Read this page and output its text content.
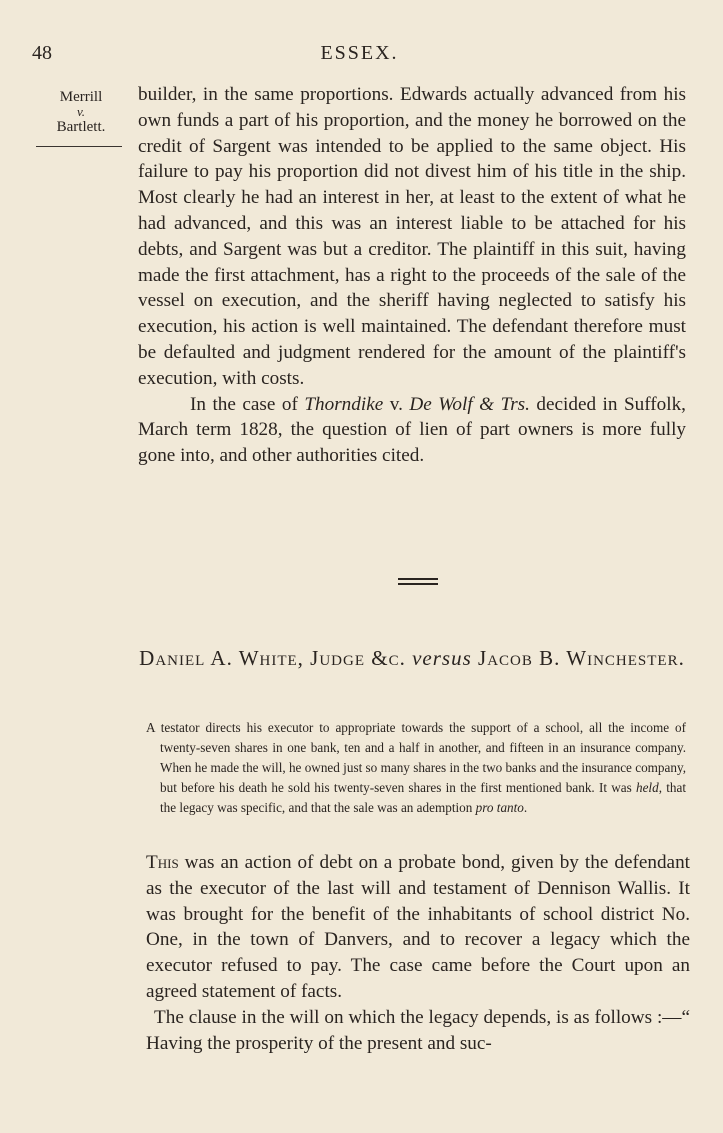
48	ESSEX.
Merrill
v.
Bartlett.

builder, in the same proportions. Edwards actually advanced from his own funds a part of his proportion, and the money he borrowed on the credit of Sargent was intended to be applied to the same object. His failure to pay his proportion did not divest him of his title in the ship. Most clearly he had an interest in her, at least to the extent of what he had advanced, and this was an interest liable to be attached for his debts, and Sargent was but a creditor. The plaintiff in this suit, having made the first attachment, has a right to the proceeds of the sale of the vessel on execution, and the sheriff having neglected to satisfy his execution, his action is well maintained. The defendant therefore must be defaulted and judgment rendered for the amount of the plaintiff's execution, with costs.

In the case of Thorndike v. De Wolf & Trs. decided in Suffolk, March term 1828, the question of lien of part owners is more fully gone into, and other authorities cited.

Daniel A. White, Judge &c. versus Jacob B. Winchester.

A testator directs his executor to appropriate towards the support of a school, all the income of twenty-seven shares in one bank, ten and a half in another, and fifteen in an insurance company. When he made the will, he owned just so many shares in the two banks and the insurance company, but before his death he sold his twenty-seven shares in the first mentioned bank. It was held, that the legacy was specific, and that the sale was an ademption pro tanto.

This was an action of debt on a probate bond, given by the defendant as the executor of the last will and testament of Dennison Wallis. It was brought for the benefit of the inhabitants of school district No. One, in the town of Danvers, and to recover a legacy which the executor refused to pay. The case came before the Court upon an agreed statement of facts.

The clause in the will on which the legacy depends, is as follows :—“ Having the prosperity of the present and suc-
